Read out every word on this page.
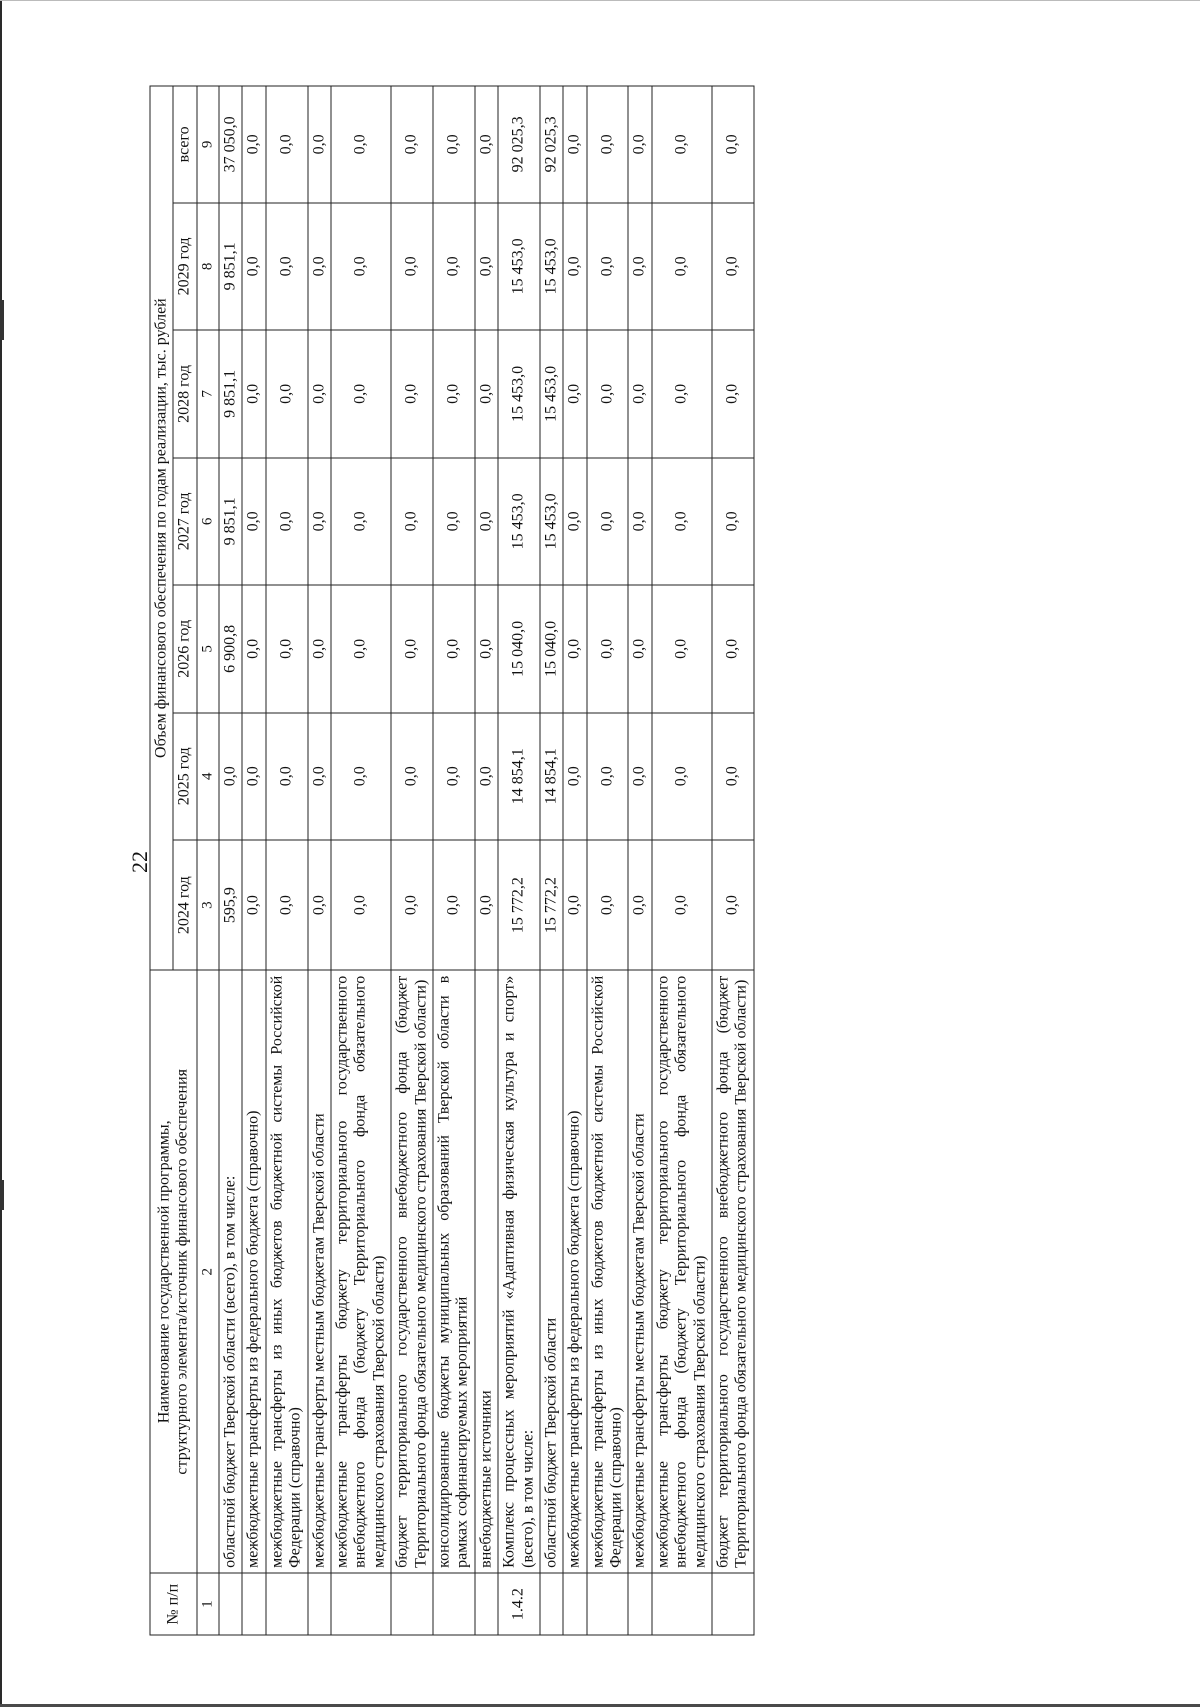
22
№ п/п	Наименование государственной программы, структурного элемента/источник финансового обеспечения	Объем финансового обеспечения по годам реализации, тыс. рублей						
		2024 год	2025 год	2026 год	2027 год	2028 год	2029 год	всего
1	2	3	4	5	6	7	8	9
	областной бюджет Тверской области (всего), в том числе:	595,9	0,0	6 900,8	9 851,1	9 851,1	9 851,1	37 050,0
	межбюджетные трансферты из федерального бюджета (справочно)	0,0	0,0	0,0	0,0	0,0	0,0	0,0
	межбюджетные трансферты из иных бюджетов бюджетной системы Российской Федерации (справочно)	0,0	0,0	0,0	0,0	0,0	0,0	0,0
	межбюджетные трансферты местным бюджетам Тверской области	0,0	0,0	0,0	0,0	0,0	0,0	0,0
	межбюджетные трансферты бюджету территориального государственного внебюджетного фонда (бюджету Территориального фонда обязательного медицинского страхования Тверской области)	0,0	0,0	0,0	0,0	0,0	0,0	0,0
	бюджет территориального государственного внебюджетного фонда (бюджет Территориального фонда обязательного медицинского страхования Тверской области)	0,0	0,0	0,0	0,0	0,0	0,0	0,0
	консолидированные бюджеты муниципальных образований Тверской области в рамках софинансируемых мероприятий	0,0	0,0	0,0	0,0	0,0	0,0	0,0
	внебюджетные источники	0,0	0,0	0,0	0,0	0,0	0,0	0,0
1.4.2	Комплекс процессных мероприятий «Адаптивная физическая культура и спорт» (всего), в том числе:	15 772,2	14 854,1	15 040,0	15 453,0	15 453,0	15 453,0	92 025,3
	областной бюджет Тверской области	15 772,2	14 854,1	15 040,0	15 453,0	15 453,0	15 453,0	92 025,3
	межбюджетные трансферты из федерального бюджета (справочно)	0,0	0,0	0,0	0,0	0,0	0,0	0,0
	межбюджетные трансферты из иных бюджетов бюджетной системы Российской Федерации (справочно)	0,0	0,0	0,0	0,0	0,0	0,0	0,0
	межбюджетные трансферты местным бюджетам Тверской области	0,0	0,0	0,0	0,0	0,0	0,0	0,0
	межбюджетные трансферты бюджету территориального государственного внебюджетного фонда (бюджету Территориального фонда обязательного медицинского страхования Тверской области)	0,0	0,0	0,0	0,0	0,0	0,0	0,0
	бюджет территориального государственного внебюджетного фонда (бюджет Территориального фонда обязательного медицинского страхования Тверской области)	0,0	0,0	0,0	0,0	0,0	0,0	0,0
